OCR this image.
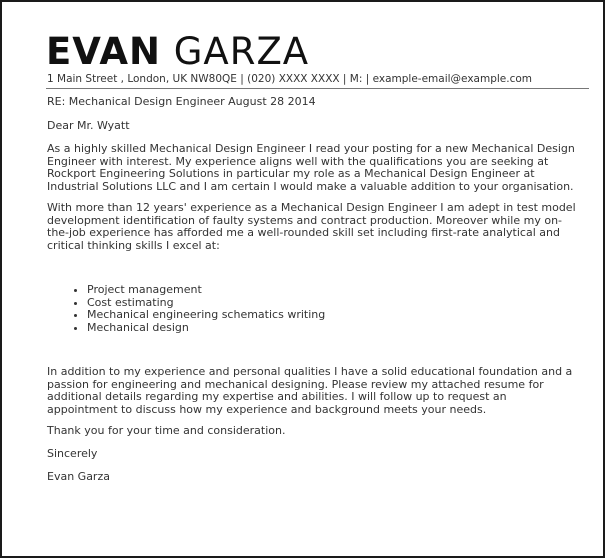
EVAN GARZA
1 Main Street , London, UK NW80QE | (020) XXXX XXXX | M: | example-email@example.com
RE: Mechanical Design Engineer August 28 2014
Dear Mr. Wyatt
As a highly skilled Mechanical Design Engineer I read your posting for a new Mechanical Design Engineer with interest. My experience aligns well with the qualifications you are seeking at Rockport Engineering Solutions in particular my role as a Mechanical Design Engineer at Industrial Solutions LLC and I am certain I would make a valuable addition to your organisation.
With more than 12 years' experience as a Mechanical Design Engineer I am adept in test model development identification of faulty systems and contract production. Moreover while my on-the-job experience has afforded me a well-rounded skill set including first-rate analytical and critical thinking skills I excel at:
• Project management
• Cost estimating
• Mechanical engineering schematics writing
• Mechanical design
In addition to my experience and personal qualities I have a solid educational foundation and a passion for engineering and mechanical designing. Please review my attached resume for additional details regarding my expertise and abilities. I will follow up to request an appointment to discuss how my experience and background meets your needs.
Thank you for your time and consideration.
Sincerely
Evan Garza
